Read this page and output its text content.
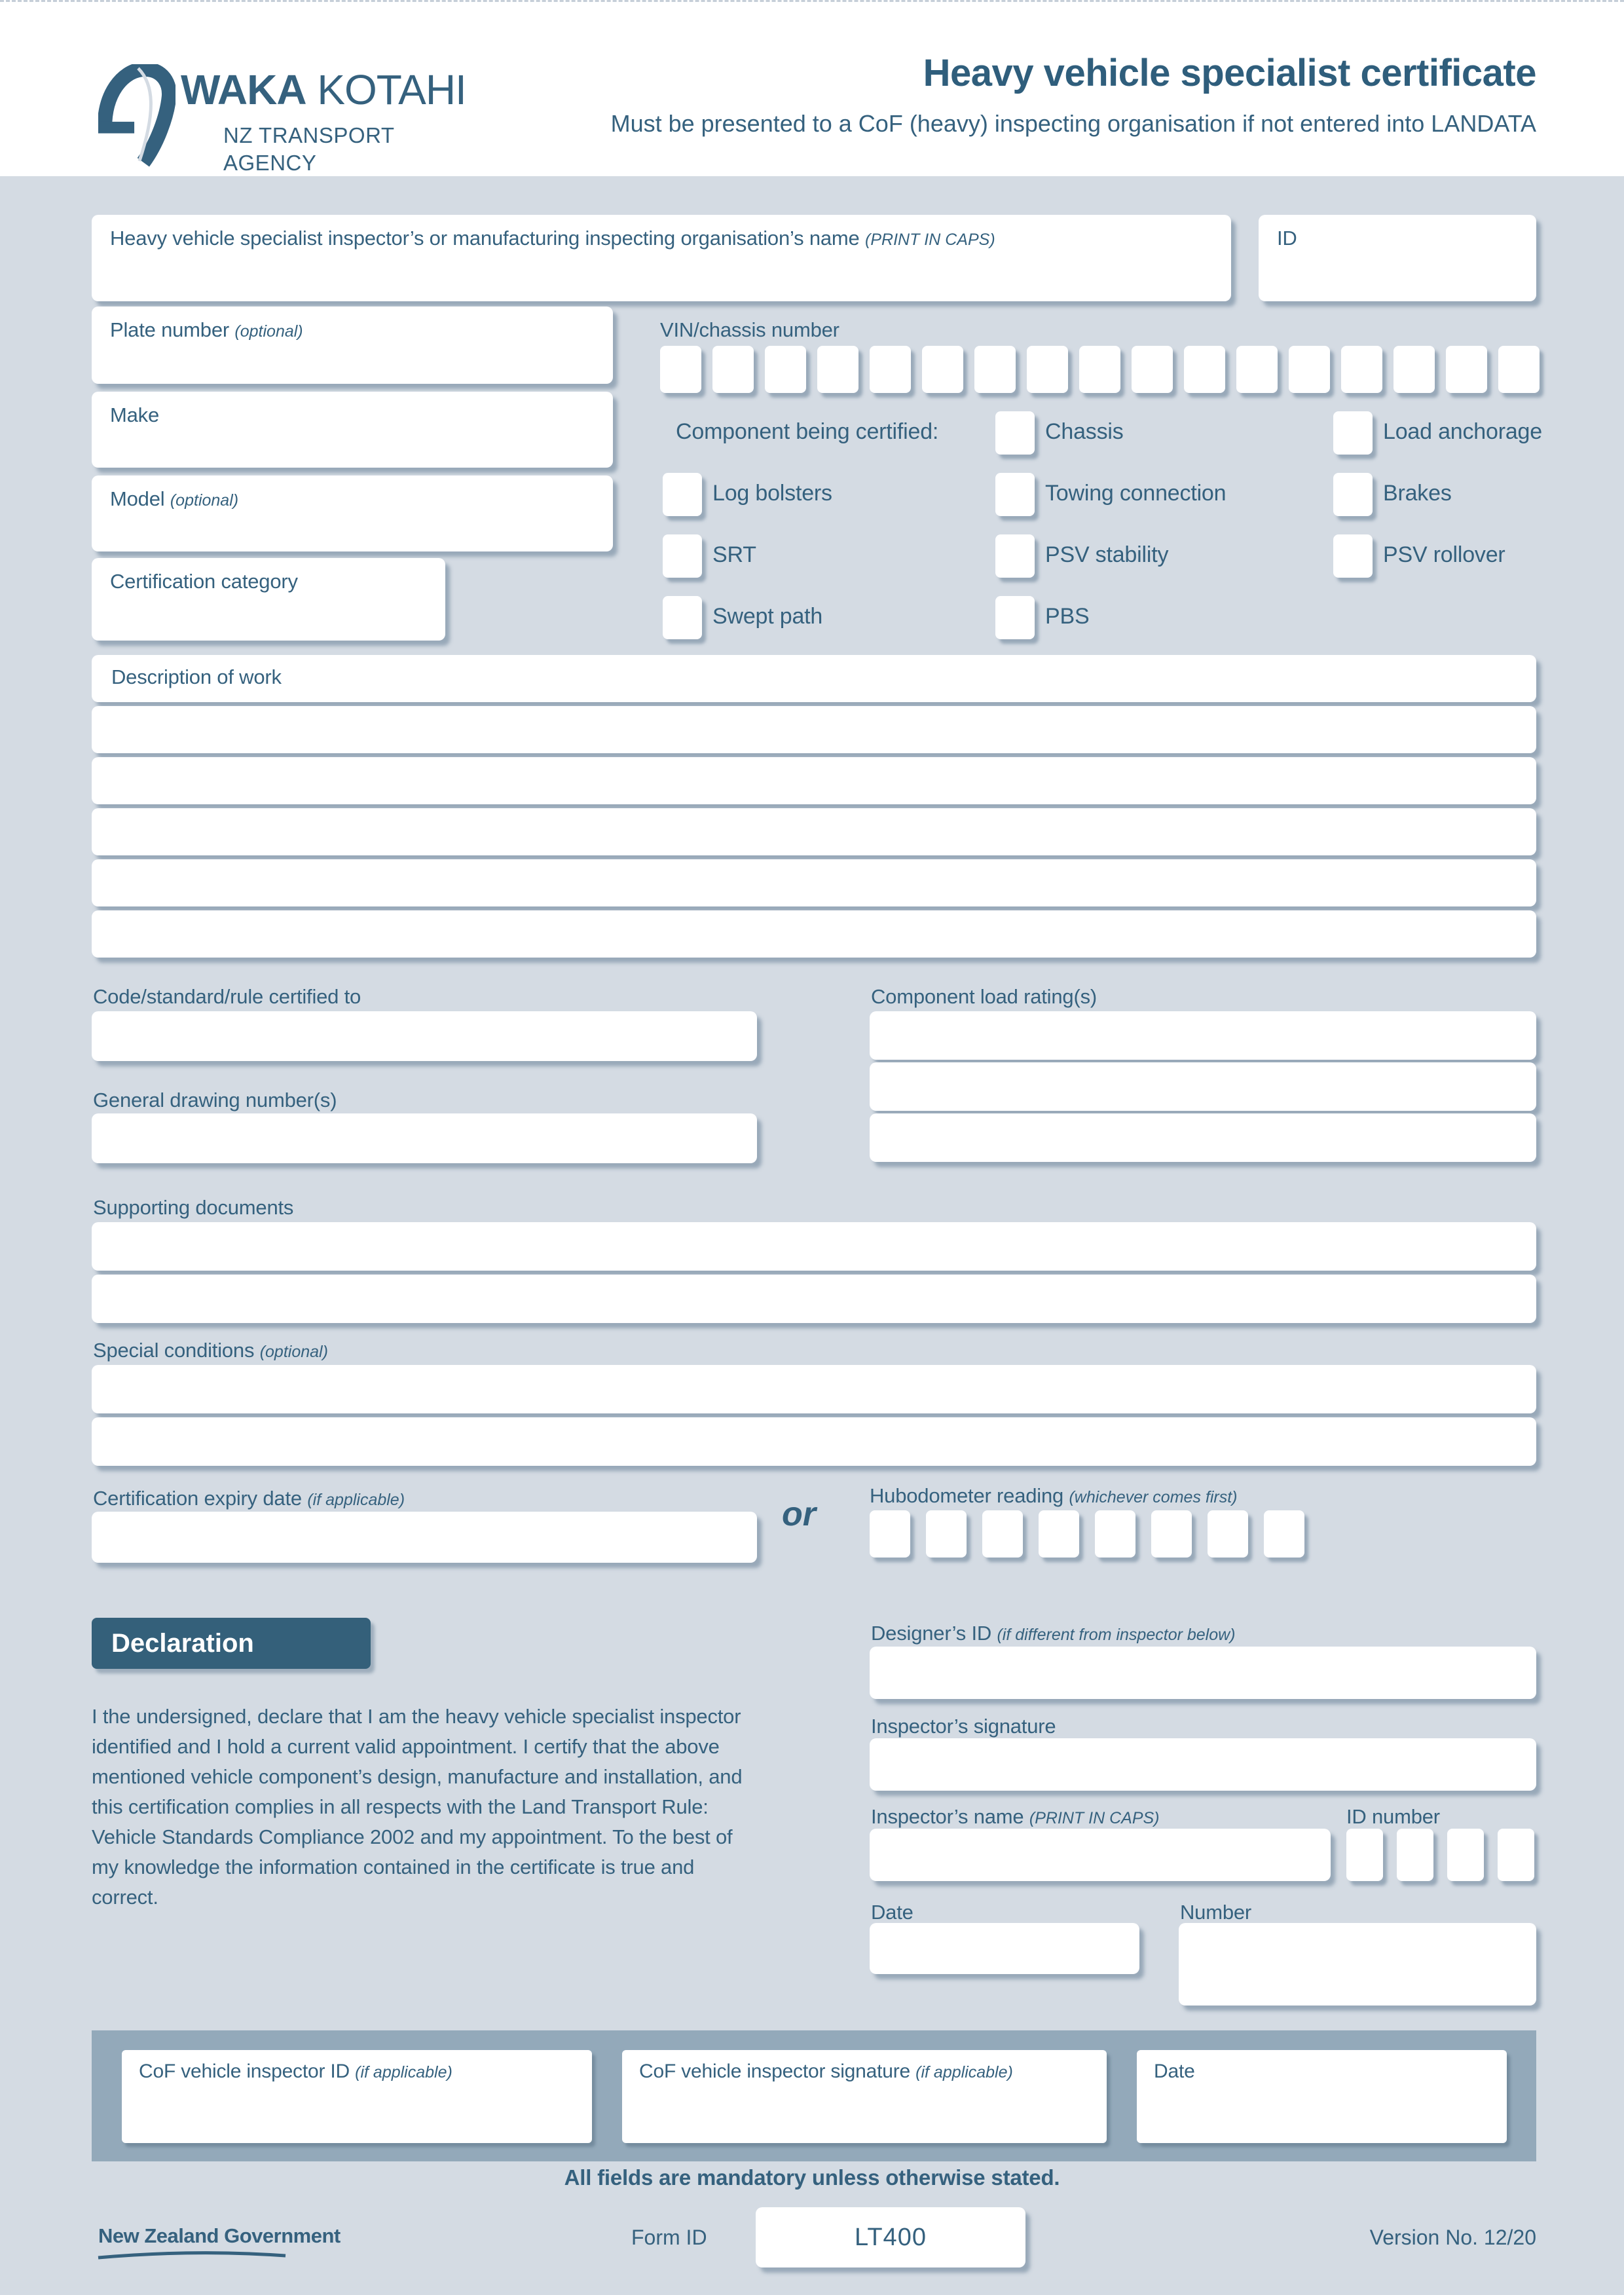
WAKA KOTAHI
NZ TRANSPORT
AGENCY
Heavy vehicle specialist certificate
Must be presented to a CoF (heavy) inspecting organisation if not entered into LANDATA
Heavy vehicle specialist inspector’s or manufacturing inspecting organisation’s name (PRINT IN CAPS)	ID
Plate number (optional)	VIN/chassis number
Make
Model (optional)
Certification category
Component being certified:
Description of work
Code/standard/rule certified to	Component load rating(s)
General drawing number(s)
Supporting documents
Special conditions (optional)
Certification expiry date (if applicable)	or	Hubodometer reading (whichever comes first)
Declaration
I the undersigned, declare that I am the heavy vehicle specialist inspector identified and I hold a current valid appointment. I certify that the above mentioned vehicle component’s design, manufacture and installation, and this certification complies in all respects with the Land Transport Rule: Vehicle Standards Compliance 2002 and my appointment. To the best of my knowledge the information contained in the certificate is true and correct.
Designer’s ID (if different from inspector below)
Inspector’s signature
Inspector’s name (PRINT IN CAPS)	ID number
Date	Number
CoF vehicle inspector ID (if applicable)	CoF vehicle inspector signature (if applicable)	Date
All fields are mandatory unless otherwise stated.
New Zealand Government	Form ID	LT400	Version No. 12/20
Chassis	Load anchorage
Log bolsters	Towing connection	Brakes
SRT	PSV stability	PSV rollover
Swept path	PBS
